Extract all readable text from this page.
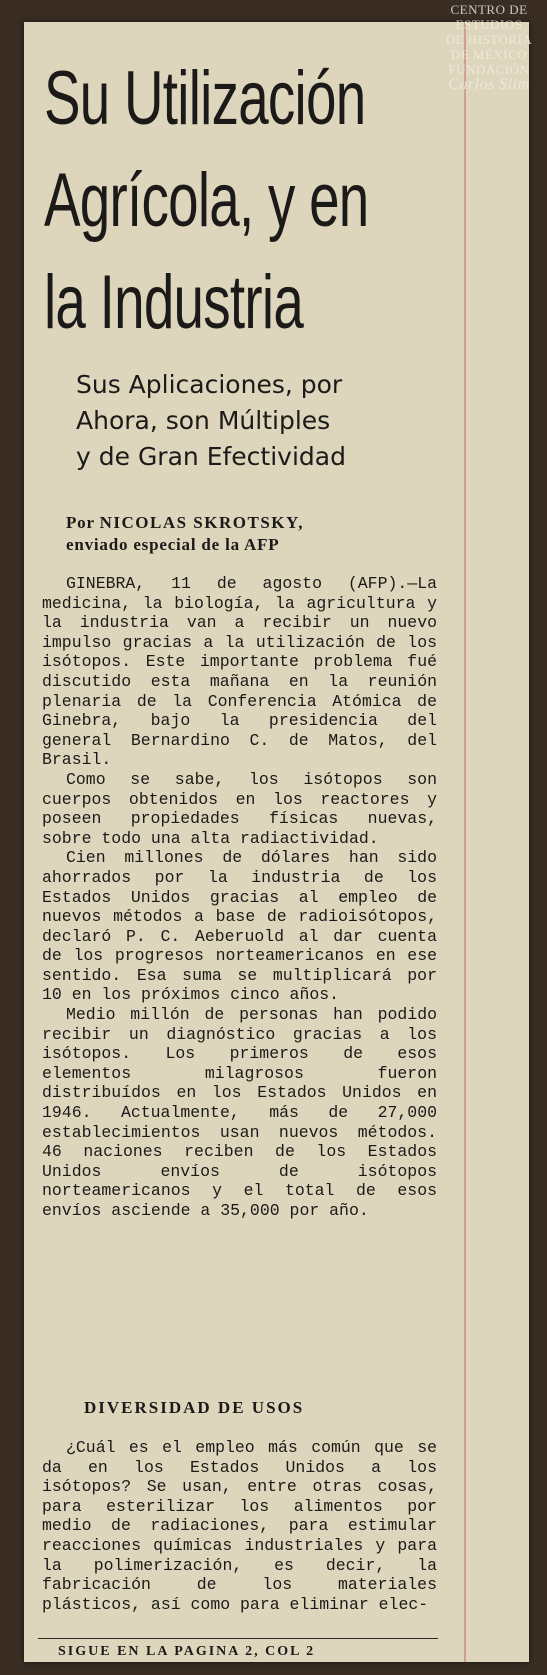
CENTRO DE
ESTUDIOS
DE HISTORIA
DE MÉXICO
FUNDACIÓN
Carlos Slim
Su Utilización
Agrícola, y en
la Industria
Sus Aplicaciones, por
Ahora, son Múltiples
y de Gran Efectividad
Por NICOLAS SKROTSKY,
enviado especial de la AFP

GINEBRA, 11 de agosto (AFP).—La medicina, la biología, la agricultura y la industria van a recibir un nuevo impulso gracias a la utilización de los isótopos. Este importante problema fué discutido esta mañana en la reunión plenaria de la Conferencia Atómica de Ginebra, bajo la presidencia del general Bernardino C. de Matos, del Brasil.

Como se sabe, los isótopos son cuerpos obtenidos en los reactores y poseen propiedades físicas nuevas, sobre todo una alta radiactividad.

Cien millones de dólares han sido ahorrados por la industria de los Estados Unidos gracias al empleo de nuevos métodos a base de radioisótopos, declaró P. C. Aeberuold al dar cuenta de los progresos norteamericanos en ese sentido. Esa suma se multiplicará por 10 en los próximos cinco años.

Medio millón de personas han podido recibir un diagnóstico gracias a los isótopos. Los primeros de esos elementos milagrosos fueron distribuídos en los Estados Unidos en 1946. Actualmente, más de 27,000 establecimientos usan nuevos métodos. 46 naciones reciben de los Estados Unidos envíos de isótopos norteamericanos y el total de esos envíos asciende a 35,000 por año.

DIVERSIDAD DE USOS

¿Cuál es el empleo más común que se da en los Estados Unidos a los isótopos? Se usan, entre otras cosas, para esterilizar los alimentos por medio de radiaciones, para estimular reacciones químicas industriales y para la polimerización, es decir, la fabricación de los materiales plásticos, así como para eliminar elec-

SIGUE EN LA PAGINA 2, COL 2
